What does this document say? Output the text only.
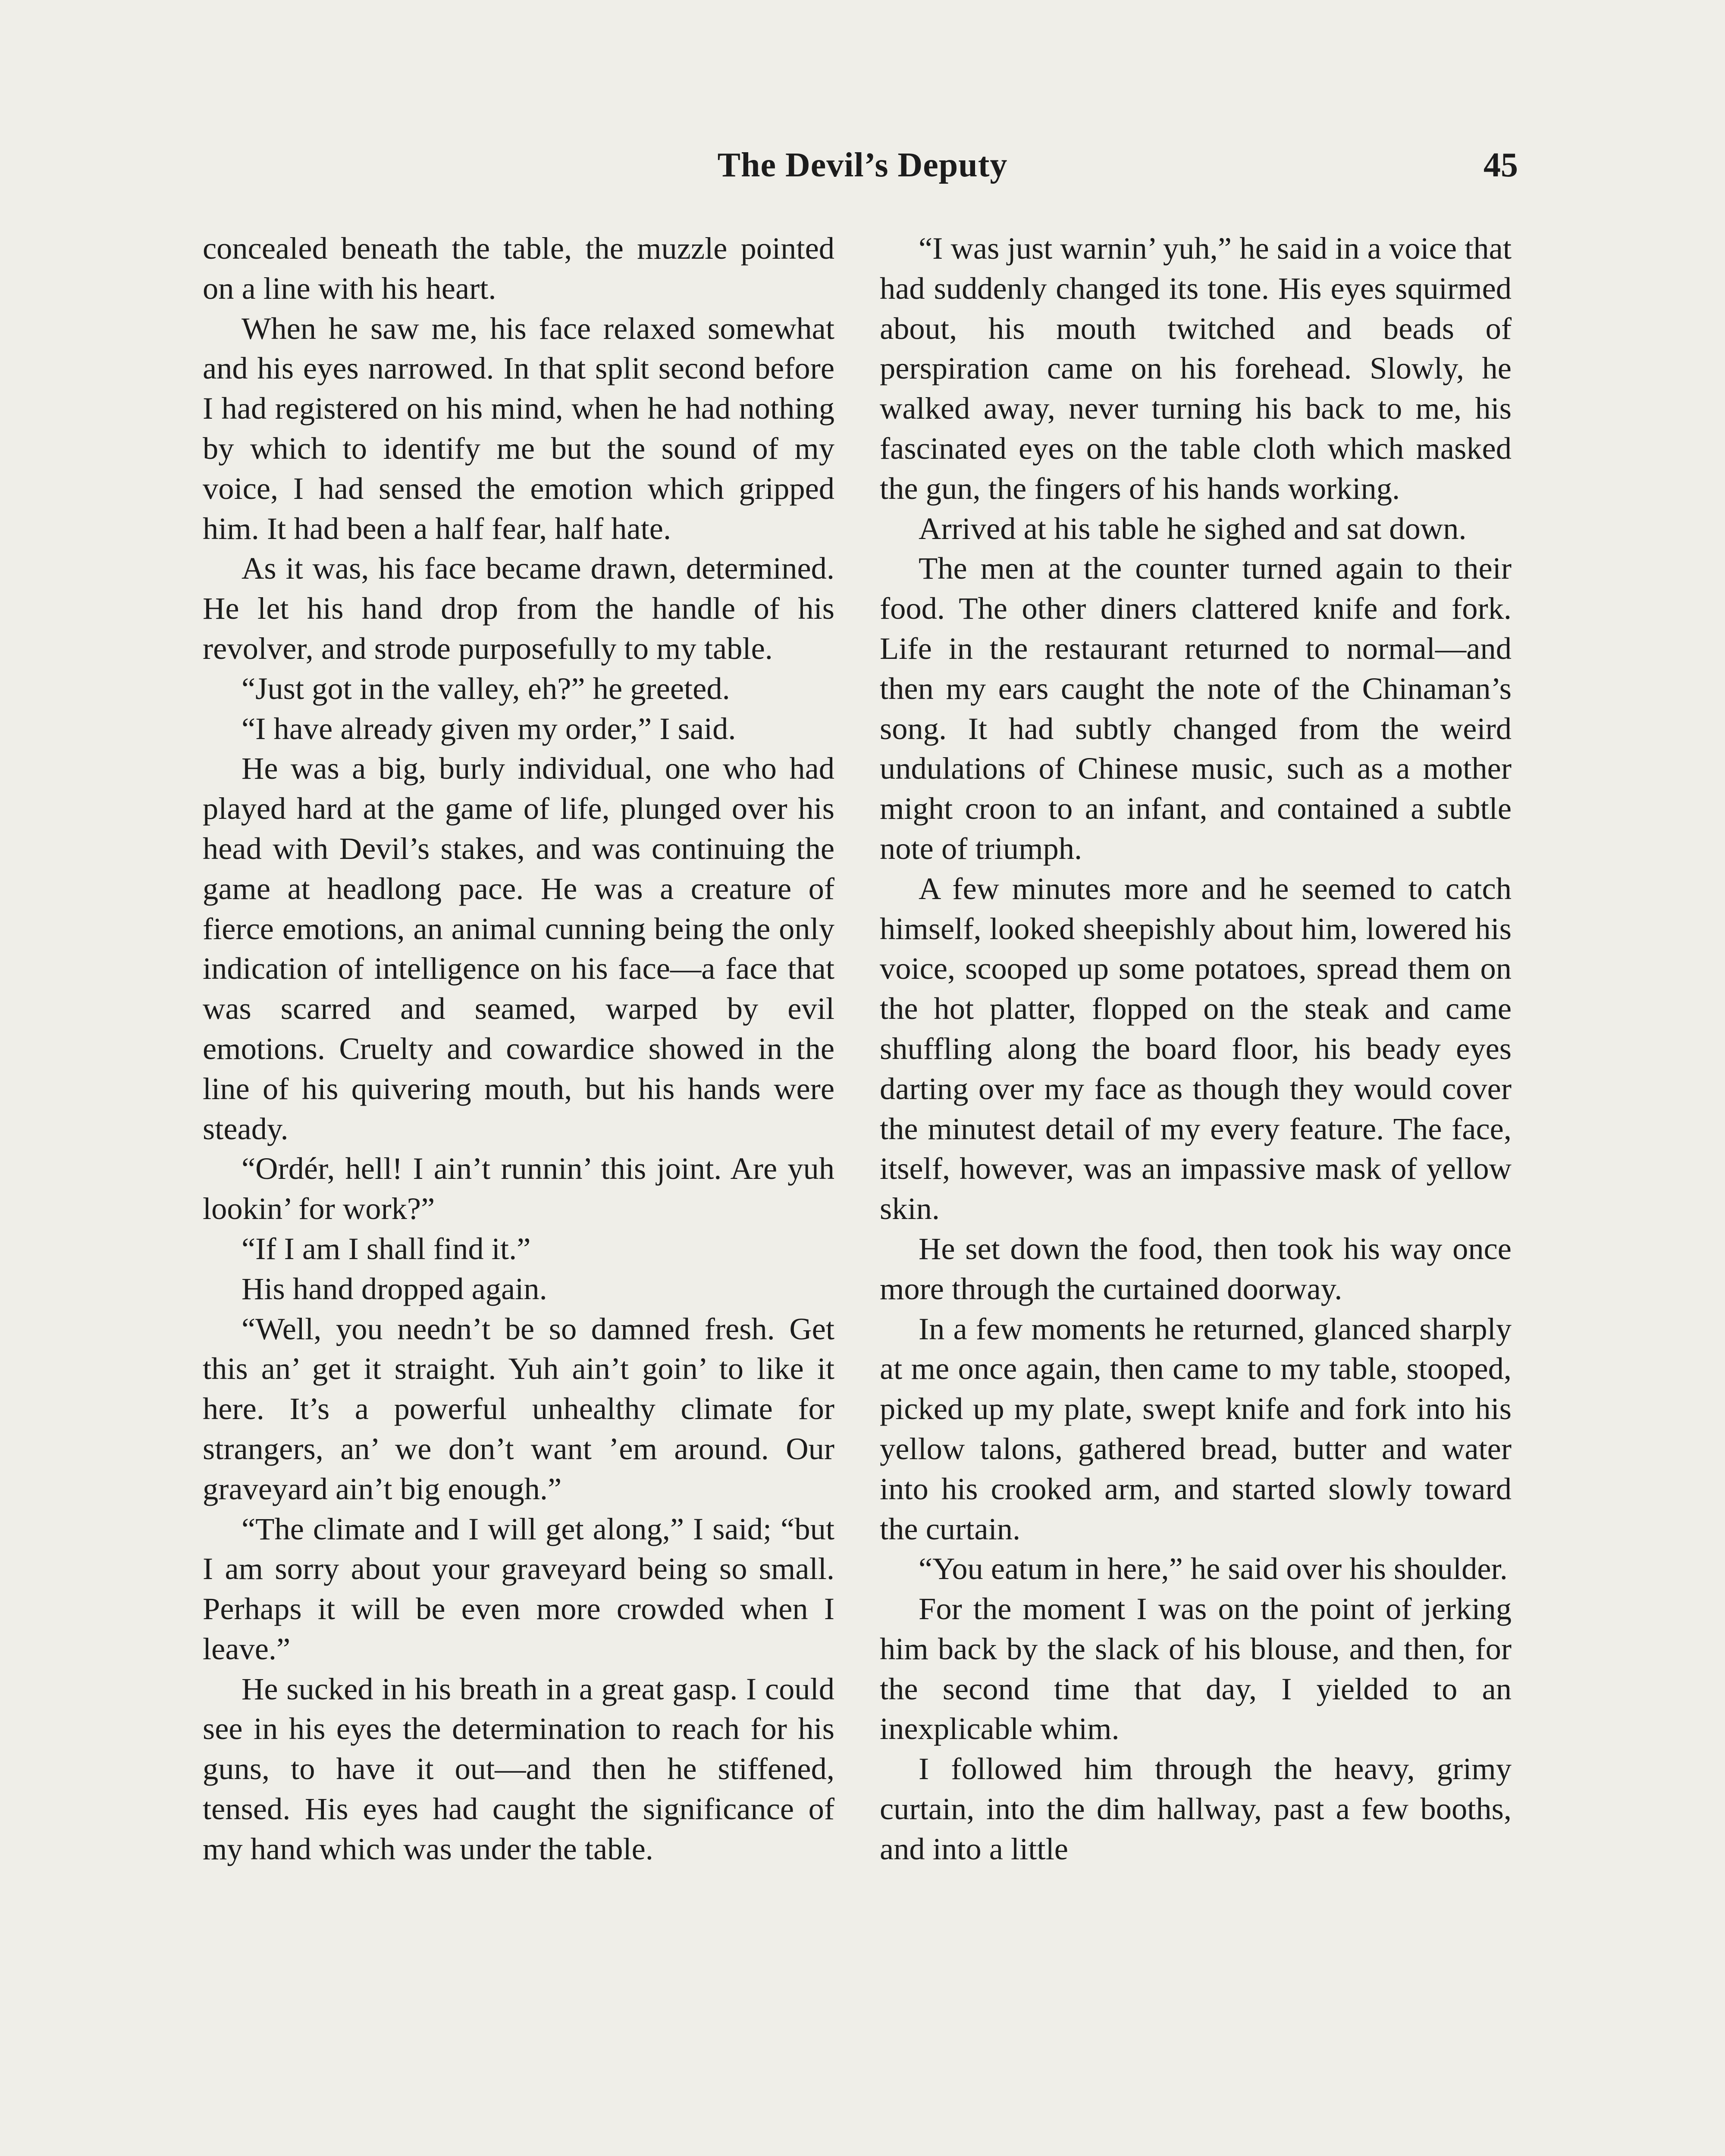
The Devil’s Deputy	45

concealed beneath the table, the muzzle pointed on a line with his heart.

When he saw me, his face relaxed somewhat and his eyes narrowed. In that split second before I had registered on his mind, when he had nothing by which to identify me but the sound of my voice, I had sensed the emotion which gripped him. It had been a half fear, half hate.

As it was, his face became drawn, determined. He let his hand drop from the handle of his revolver, and strode purposefully to my table.

“Just got in the valley, eh?” he greeted.

“I have already given my order,” I said.

He was a big, burly individual, one who had played hard at the game of life, plunged over his head with Devil’s stakes, and was continuing the game at headlong pace. He was a creature of fierce emotions, an animal cunning being the only indication of intelligence on his face—a face that was scarred and seamed, warped by evil emotions. Cruelty and cowardice showed in the line of his quivering mouth, but his hands were steady.

“Ordér, hell! I ain’t runnin’ this joint. Are yuh lookin’ for work?”

“If I am I shall find it.”

His hand dropped again.

“Well, you needn’t be so damned fresh. Get this an’ get it straight. Yuh ain’t goin’ to like it here. It’s a powerful unhealthy climate for strangers, an’ we don’t want ’em around. Our graveyard ain’t big enough.”

“The climate and I will get along,” I said; “but I am sorry about your graveyard being so small. Perhaps it will be even more crowded when I leave.”

He sucked in his breath in a great gasp. I could see in his eyes the determination to reach for his guns, to have it out—and then he stiffened, tensed. His eyes had caught the significance of my hand which was under the table.

“I was just warnin’ yuh,” he said in a voice that had suddenly changed its tone. His eyes squirmed about, his mouth twitched and beads of perspiration came on his forehead. Slowly, he walked away, never turning his back to me, his fascinated eyes on the table cloth which masked the gun, the fingers of his hands working.

Arrived at his table he sighed and sat down.

The men at the counter turned again to their food. The other diners clattered knife and fork. Life in the restaurant returned to normal—and then my ears caught the note of the Chinaman’s song. It had subtly changed from the weird undulations of Chinese music, such as a mother might croon to an infant, and contained a subtle note of triumph.

A few minutes more and he seemed to catch himself, looked sheepishly about him, lowered his voice, scooped up some potatoes, spread them on the hot platter, flopped on the steak and came shuffling along the board floor, his beady eyes darting over my face as though they would cover the minutest detail of my every feature. The face, itself, however, was an impassive mask of yellow skin.

He set down the food, then took his way once more through the curtained doorway.

In a few moments he returned, glanced sharply at me once again, then came to my table, stooped, picked up my plate, swept knife and fork into his yellow talons, gathered bread, butter and water into his crooked arm, and started slowly toward the curtain.

“You eatum in here,” he said over his shoulder.

For the moment I was on the point of jerking him back by the slack of his blouse, and then, for the second time that day, I yielded to an inexplicable whim.

I followed him through the heavy, grimy curtain, into the dim hallway, past a few booths, and into a little
